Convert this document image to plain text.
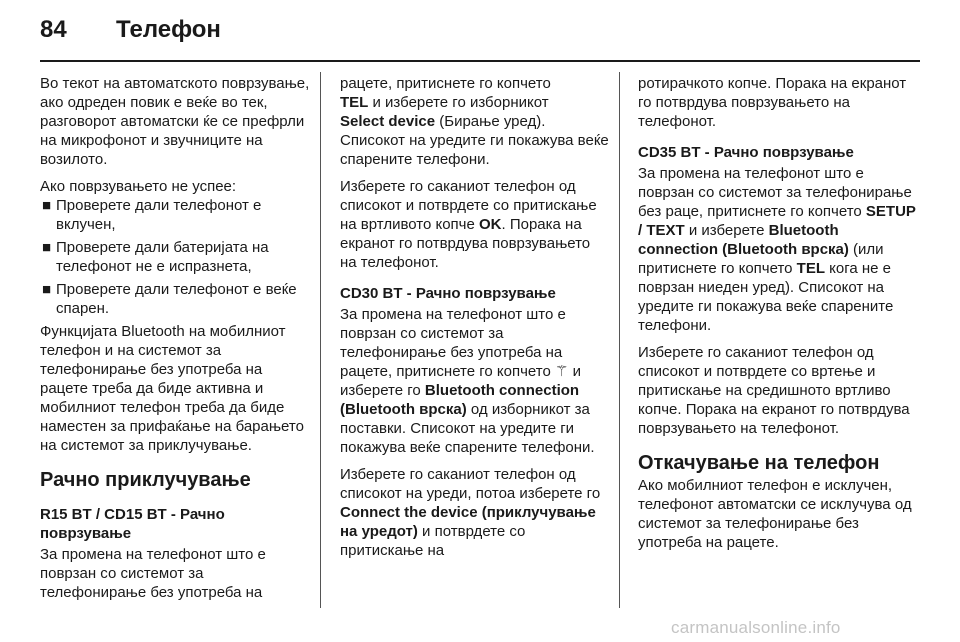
84 Телефон

Во текот на автоматското поврзување, ако одреден повик е веќе во тек, разговорот автоматски ќе се префрли на микрофонот и звучниците на возилото.

Ако поврзувањето не успее:

■ Проверете дали телефонот е вклучен,
■ Проверете дали батеријата на телефонот не е испразнета,
■ Проверете дали телефонот е веќе спарен.

Функцијата Bluetooth на мобилниот телефон и на системот за телефонирање без употреба на рацете треба да биде активна и мобилниот телефон треба да биде наместен за прифаќање на барањето на системот за приклучување.

Рачно приклучување
R15 BT / CD15 BT - Рачно поврзување

За промена на телефонот што е поврзан со системот за телефонирање без употреба на

рацете, притиснете го копчето
TEL и изберете го изборникот
Select device (Бирање уред). Списокот на уредите ги покажува веќе спарените телефони.

Изберете го саканиот телефон од списокот и потврдете со притискање на вртливото копче OK. Порака на екранот го потврдува поврзувањето на телефонот.

CD30 BT - Рачно поврзување

За промена на телефонот што е поврзан со системот за телефонирање без употреба на рацете, притиснете го копчето ⚚ и изберете го Bluetooth connection (Bluetooth врска) од изборникот за поставки. Списокот на уредите ги покажува веќе спарените телефони.

Изберете го саканиот телефон од списокот на уреди, потоа изберете го Connect the device (приклучување на уредот) и потврдете со притискање на

ротирачкото копче. Порака на екранот го потврдува поврзувањето на телефонот.

CD35 BT - Рачно поврзување

За промена на телефонот што е поврзан со системот за телефонирање без раце, притиснете го копчето SETUP / TEXT и изберете Bluetooth connection (Bluetooth врска) (или притиснете го копчето TEL кога не е поврзан ниеден уред). Списокот на уредите ги покажува веќе спарените телефони.

Изберете го саканиот телефон од списокот и потврдете со вртење и притискање на средишното вртливо копче. Порака на екранот го потврдува поврзувањето на телефонот.

Откачување на телефон

Ако мобилниот телефон е исклучен, телефонот автоматски се исклучува од системот за телефонирање без употреба на рацете.

carmanualsonline.info
